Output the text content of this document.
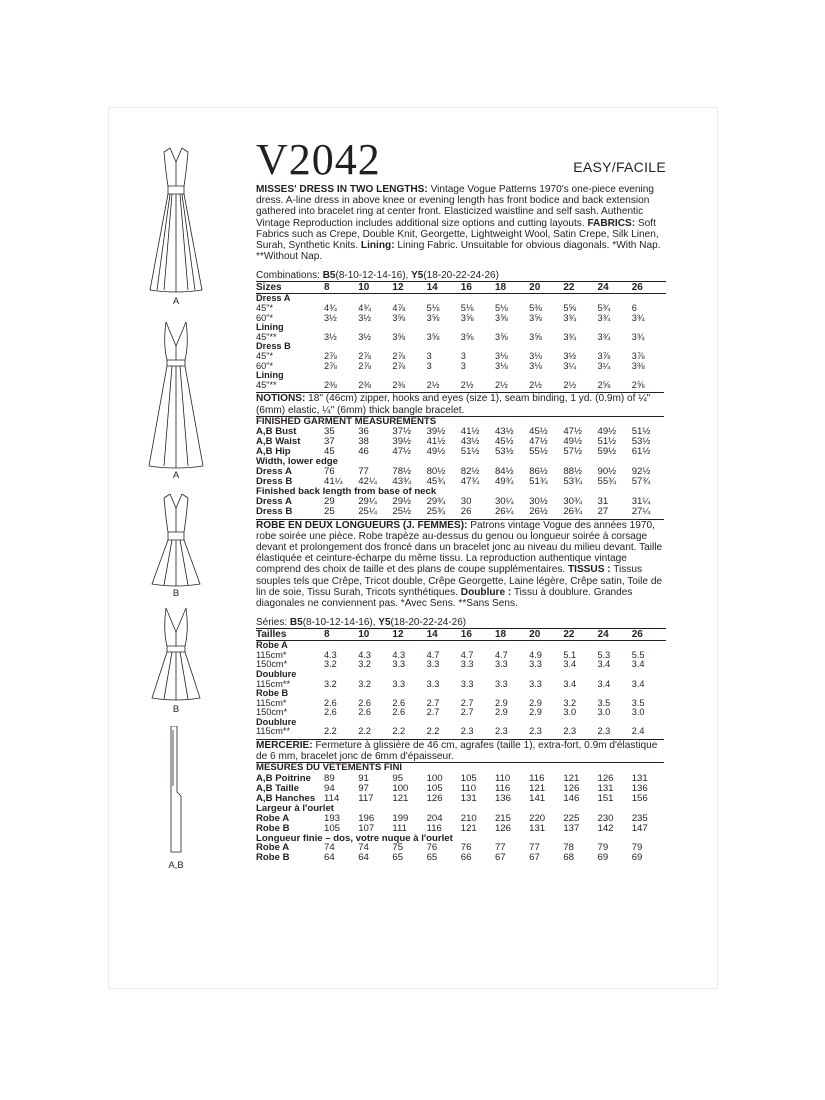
A
A
B
B
A,B
V2042	EASY/FACILE

MISSES' DRESS IN TWO LENGTHS: Vintage Vogue Patterns 1970's one-piece evening dress. A-line dress in above knee or evening length has front bodice and back extension gathered into bracelet ring at center front. Elasticized waistline and self sash. Authentic Vintage Reproduction includes additional size options and cutting layouts. FABRICS: Soft Fabrics such as Crepe, Double Knit, Georgette, Lightweight Wool, Satin Crepe, Silk Linen, Surah, Synthetic Knits. Lining: Lining Fabric. Unsuitable for obvious diagonals. *With Nap. **Without Nap.

Combinations: B5(8-10-12-14-16), Y5(18-20-22-24-26)
Sizes	8	10	12	14	16	18	20	22	24	26
Dress A										
45"*	4¾	4¾	4⅞	5⅛	5⅛	5⅛	5⅜	5⅝	5¾	6
60"*	3½	3½	3⅝	3⅝	3⅝	3⅝	3⅝	3¾	3¾	3¾
Lining										
45"**	3½	3½	3⅝	3⅝	3⅝	3⅝	3⅝	3¾	3¾	3¾
Dress B										
45"*	2⅞	2⅞	2⅞	3	3	3⅛	3⅛	3½	3⅞	3⅞
60"*	2⅞	2⅞	2⅞	3	3	3⅛	3⅛	3¼	3¼	3⅜
Lining										
45"**	2⅜	2⅜	2⅜	2½	2½	2½	2½	2½	2⅝	2⅝
NOTIONS: 18" (46cm) zipper, hooks and eyes (size 1), seam binding, 1 yd. (0.9m) of ¼" (6mm) elastic, ¼" (6mm) thick bangle bracelet.
FINISHED GARMENT MEASUREMENTS
A,B Bust	35	36	37½	39½	41½	43½	45½	47½	49½	51½
A,B Waist	37	38	39½	41½	43½	45½	47½	49½	51½	53½
A,B Hip	45	46	47½	49½	51½	53½	55½	57½	59½	61½
Width, lower edge										
Dress A	76	77	78½	80½	82½	84½	86½	88½	90½	92½
Dress B	41¼	42¼	43¾	45¾	47¾	49¾	51¾	53¾	55¾	57¾
Finished back length from base of neck										
Dress A	29	29¼	29½	29¾	30	30¼	30½	30¾	31	31¼
Dress B	25	25¼	25½	25¾	26	26¼	26½	26¾	27	27¼
ROBE EN DEUX LONGUEURS (J. FEMMES): Patrons vintage Vogue des années 1970, robe soirée une pièce. Robe trapèze au-dessus du genou ou longueur soirée à corsage devant et prolongement dos froncé dans un bracelet jonc au niveau du milieu devant. Taille élastiquée et ceinture-écharpe du même tissu. La reproduction authentique vintage comprend des choix de taille et des plans de coupe supplémentaires. TISSUS : Tissus souples tels que Crêpe, Tricot double, Crêpe Georgette, Laine légère, Crêpe satin, Toile de lin de soie, Tissu Surah, Tricots synthétiques. Doublure : Tissu à doublure. Grandes diagonales ne conviennent pas. *Avec Sens. **Sans Sens.
Séries: B5(8-10-12-14-16), Y5(18-20-22-24-26)
Tailles	8	10	12	14	16	18	20	22	24	26
Robe A										
115cm*	4.3	4.3	4.3	4.7	4.7	4.7	4.9	5.1	5.3	5.5
150cm*	3.2	3.2	3.3	3.3	3.3	3.3	3.3	3.4	3.4	3.4
Doublure										
115cm**	3.2	3.2	3.3	3.3	3.3	3.3	3.3	3.4	3.4	3.4
Robe B										
115cm*	2.6	2.6	2.6	2.7	2.7	2.9	2.9	3.2	3.5	3.5
150cm*	2.6	2.6	2.6	2.7	2.7	2.9	2.9	3.0	3.0	3.0
Doublure										
115cm**	2.2	2.2	2.2	2.2	2.3	2.3	2.3	2.3	2.3	2.4
MERCERIE: Fermeture à glissière de 46 cm, agrafes (taille 1), extra-fort, 0.9m d'élastique de 6 mm, bracelet jonc de 6mm d'épaisseur.
MESURES DU VÊTEMENTS FINI
A,B Poitrine	89	91	95	100	105	110	116	121	126	131
A,B Taille	94	97	100	105	110	116	121	126	131	136
A,B Hanches	114	117	121	126	131	136	141	146	151	156
Largeur à l'ourlet										
Robe A	193	196	199	204	210	215	220	225	230	235
Robe B	105	107	111	116	121	126	131	137	142	147
Longueur finie – dos, votre nuque à l'ourlet										
Robe A	74	74	75	76	76	77	77	78	79	79
Robe B	64	64	65	65	66	67	67	68	69	69
